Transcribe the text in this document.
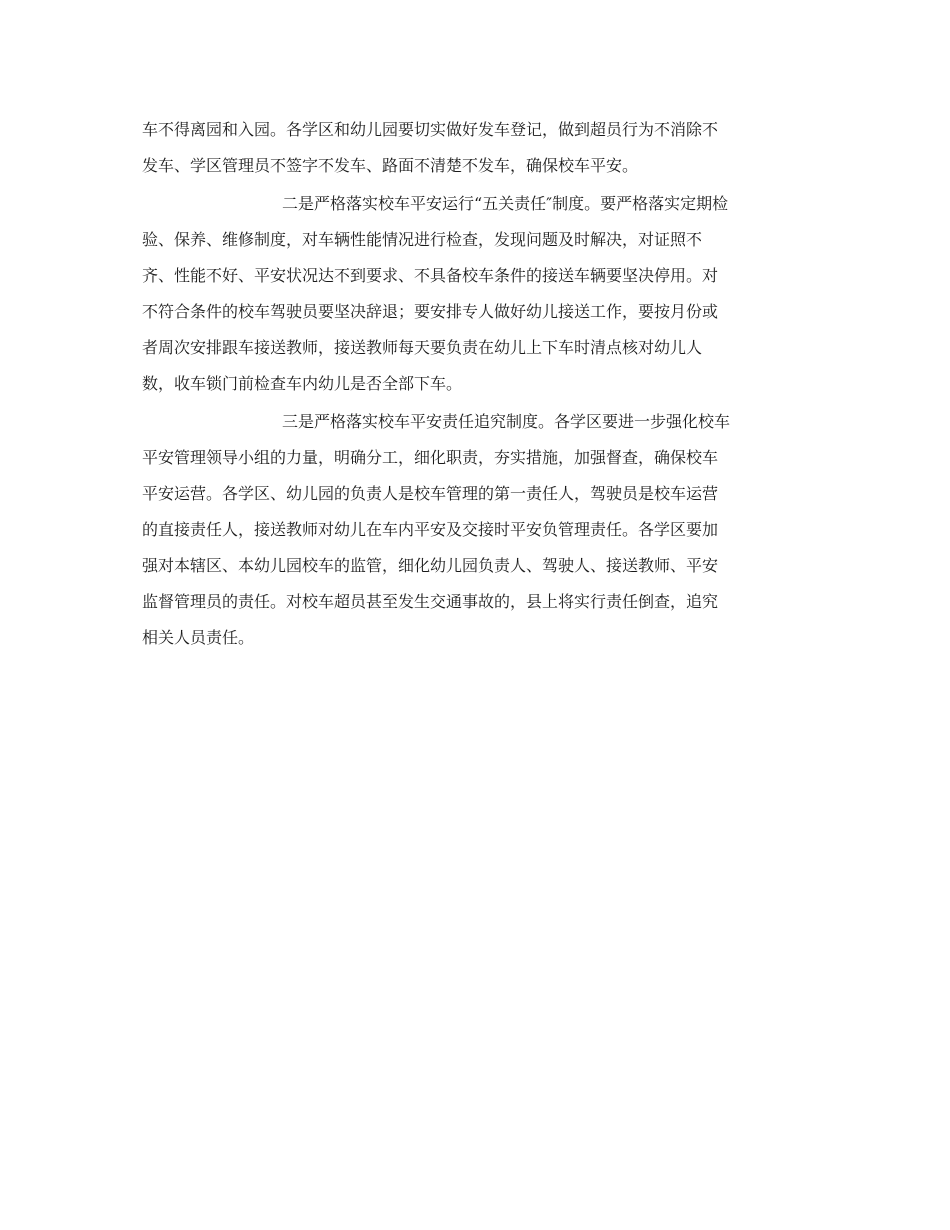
车不得离园和入园。各学区和幼儿园要切实做好发车登记，做到超员行为不消除不
发车、学区管理员不签字不发车、路面不清楚不发车，确保校车平安。
二是严格落实校车平安运行“五关责任″制度。要严格落实定期检
验、保养、维修制度，对车辆性能情况进行检查，发现问题及时解决，对证照不
齐、性能不好、平安状况达不到要求、不具备校车条件的接送车辆要坚决停用。对
不符合条件的校车驾驶员要坚决辞退；要安排专人做好幼儿接送工作，要按月份或
者周次安排跟车接送教师，接送教师每天要负责在幼儿上下车时清点核对幼儿人
数，收车锁门前检查车内幼儿是否全部下车。
三是严格落实校车平安责任追究制度。各学区要进一步强化校车
平安管理领导小组的力量，明确分工，细化职责，夯实措施，加强督查，确保校车
平安运营。各学区、幼儿园的负责人是校车管理的第一责任人，驾驶员是校车运营
的直接责任人，接送教师对幼儿在车内平安及交接时平安负管理责任。各学区要加
强对本辖区、本幼儿园校车的监管，细化幼儿园负责人、驾驶人、接送教师、平安
监督管理员的责任。对校车超员甚至发生交通事故的，县上将实行责任倒查，追究
相关人员责任。
